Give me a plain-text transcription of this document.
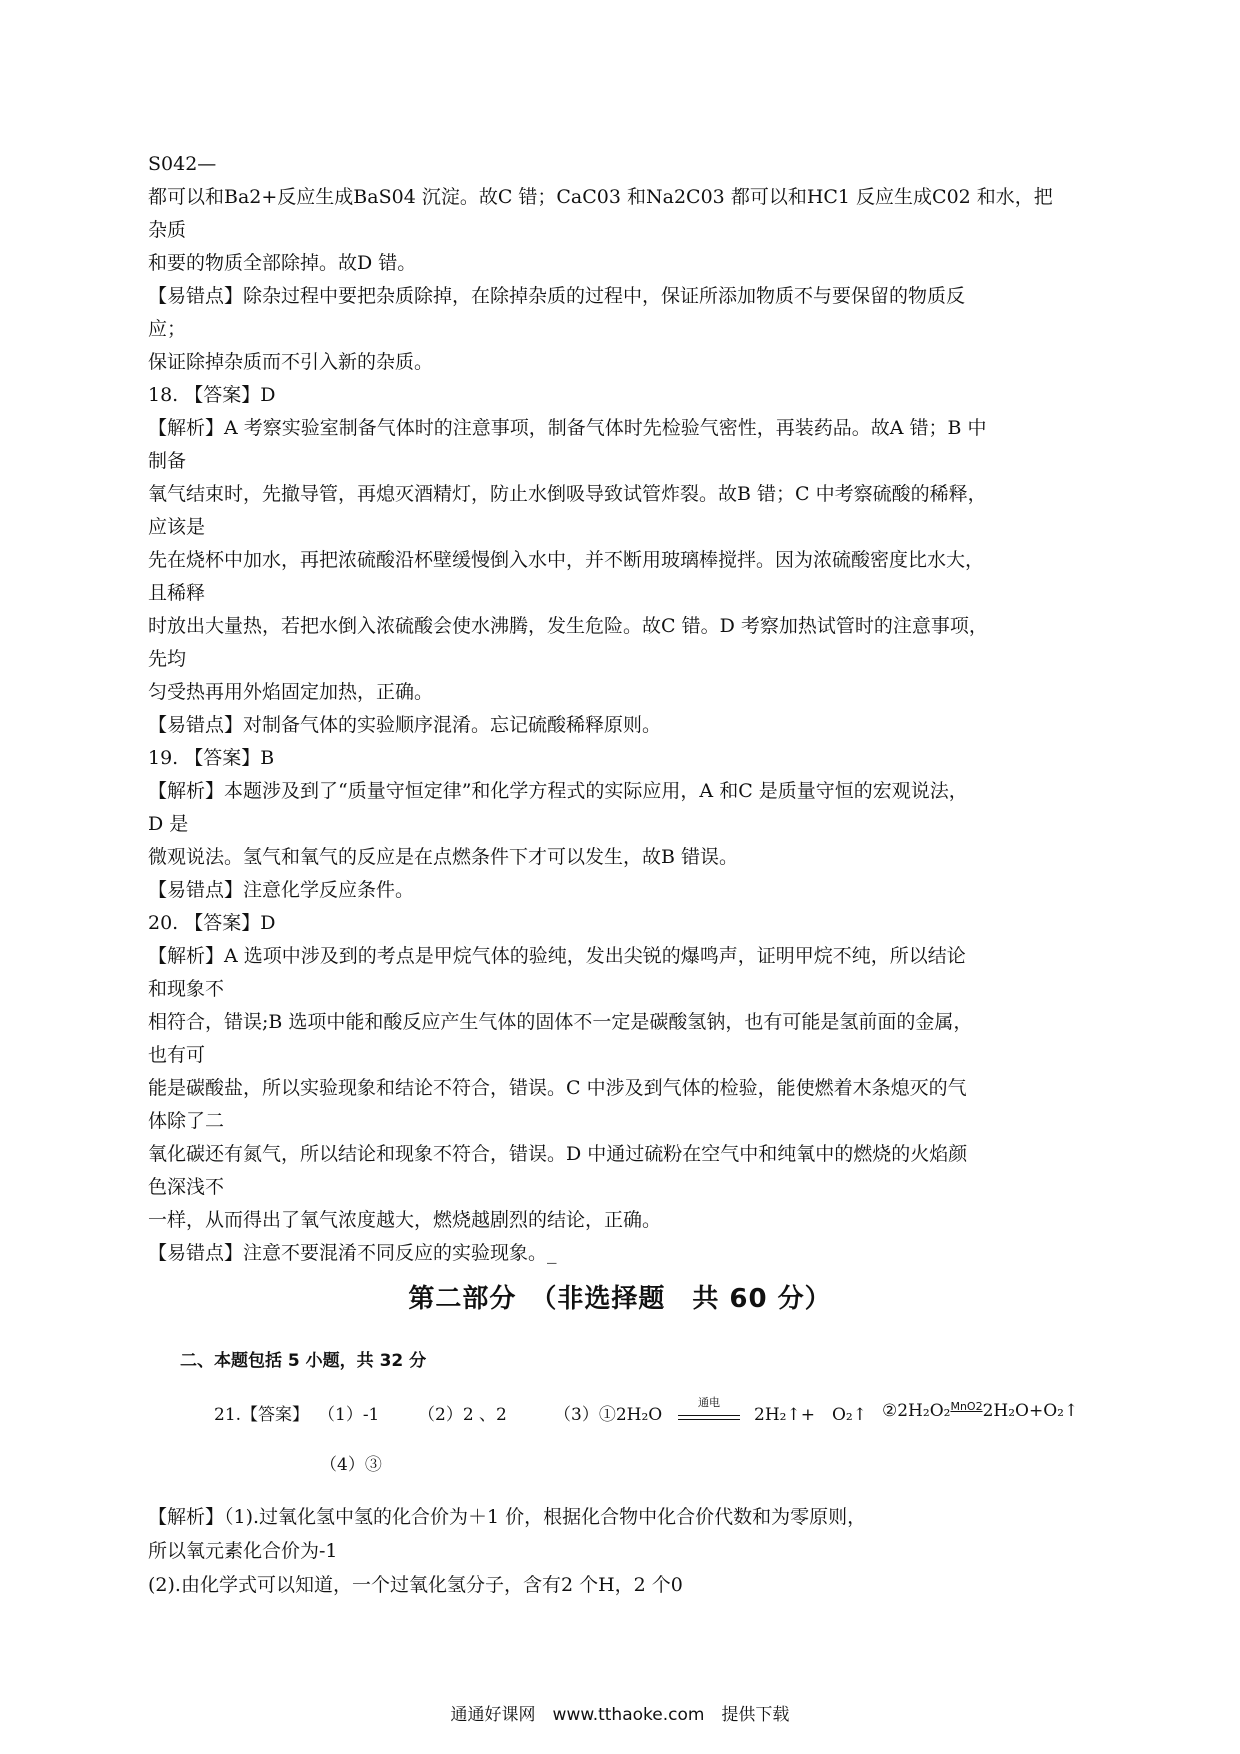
S042—
都可以和Ba2+反应生成BaS04 沉淀。故C 错；CaC03 和Na2C03 都可以和HC1 反应生成C02 和水，把
杂质
和要的物质全部除掉。故D 错。
【易错点】除杂过程中要把杂质除掉，在除掉杂质的过程中，保证所添加物质不与要保留的物质反
应；
保证除掉杂质而不引入新的杂质。
18. 【答案】D
【解析】A 考察实验室制备气体时的注意事项，制备气体时先检验气密性，再装药品。故A 错；B 中
制备
氧气结束时，先撤导管，再熄灭酒精灯，防止水倒吸导致试管炸裂。故B 错；C 中考察硫酸的稀释，
应该是
先在烧杯中加水，再把浓硫酸沿杯壁缓慢倒入水中，并不断用玻璃棒搅拌。因为浓硫酸密度比水大，
且稀释
时放出大量热，若把水倒入浓硫酸会使水沸腾，发生危险。故C 错。D 考察加热试管时的注意事项，
先均
匀受热再用外焰固定加热，正确。
【易错点】对制备气体的实验顺序混淆。忘记硫酸稀释原则。
19. 【答案】B
【解析】本题涉及到了“质量守恒定律”和化学方程式的实际应用，A 和C 是质量守恒的宏观说法，
D 是
微观说法。氢气和氧气的反应是在点燃条件下才可以发生，故B 错误。
【易错点】注意化学反应条件。
20. 【答案】D
【解析】A 选项中涉及到的考点是甲烷气体的验纯，发出尖锐的爆鸣声，证明甲烷不纯，所以结论
和现象不
相符合，错误;B 选项中能和酸反应产生气体的固体不一定是碳酸氢钠，也有可能是氢前面的金属，
也有可
能是碳酸盐，所以实验现象和结论不符合，错误。C 中涉及到气体的检验，能使燃着木条熄灭的气
体除了二
氧化碳还有氮气，所以结论和现象不符合，错误。D 中通过硫粉在空气中和纯氧中的燃烧的火焰颜
色深浅不
一样，从而得出了氧气浓度越大，燃烧越剧烈的结论，正确。
【易错点】注意不要混淆不同反应的实验现象。_
第二部分　（非选择题　共 60 分）
二、本题包括 5 小题，共 32 分
21.【答案】 （1）-1 （2）2 、2	（3）①2H₂O
通电
2H₂↑+　O₂↑ ②2H₂O₂$^{MnO2}$2H₂O+O₂↑
（4）③
【解析】（1).过氧化氢中氢的化合价为＋1 价，根据化合物中化合价代数和为零原则，
所以氧元素化合价为-1
(2).由化学式可以知道，一个过氧化氢分子，含有2 个H，2 个0
通通好课网　www.tthaoke.com　提供下载
